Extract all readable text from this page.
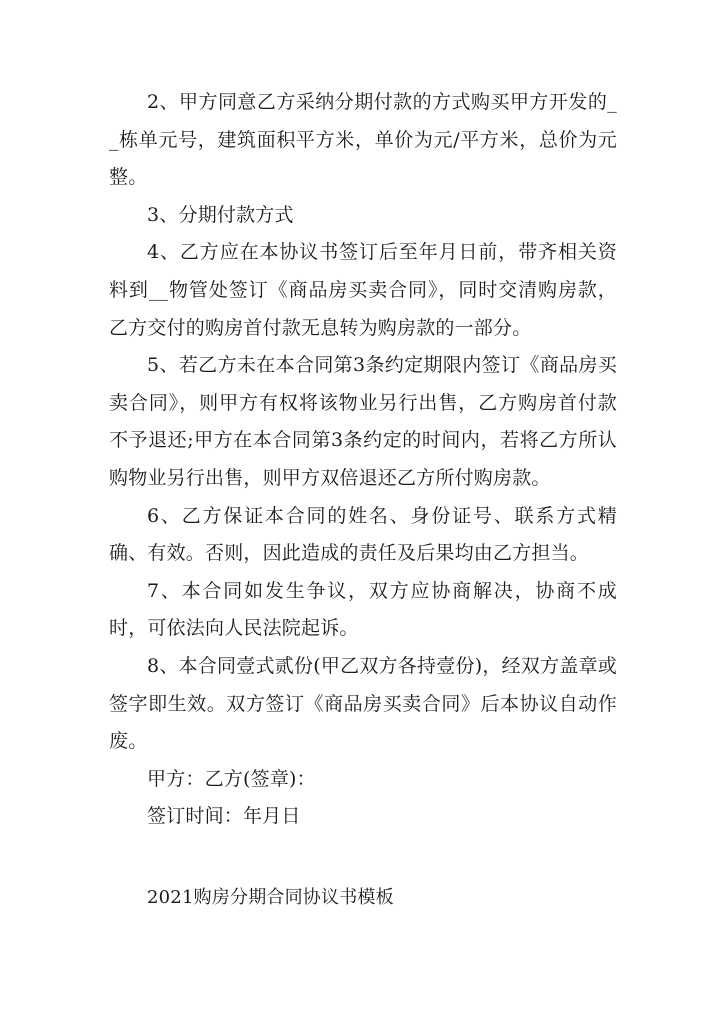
2、甲方同意乙方采纳分期付款的方式购买甲方开发的__栋单元号，建筑面积平方米，单价为元/平方米，总价为元整。

3、分期付款方式

4、乙方应在本协议书签订后至年月日前，带齐相关资料到__物管处签订《商品房买卖合同》，同时交清购房款，乙方交付的购房首付款无息转为购房款的一部分。

5、若乙方未在本合同第3条约定期限内签订《商品房买卖合同》，则甲方有权将该物业另行出售，乙方购房首付款不予退还;甲方在本合同第3条约定的时间内，若将乙方所认购物业另行出售，则甲方双倍退还乙方所付购房款。

6、乙方保证本合同的姓名、身份证号、联系方式精确、有效。否则，因此造成的责任及后果均由乙方担当。

7、本合同如发生争议，双方应协商解决，协商不成时，可依法向人民法院起诉。

8、本合同壹式贰份(甲乙双方各持壹份)，经双方盖章或签字即生效。双方签订《商品房买卖合同》后本协议自动作废。

甲方：乙方(签章)：

签订时间：年月日

2021购房分期合同协议书模板
